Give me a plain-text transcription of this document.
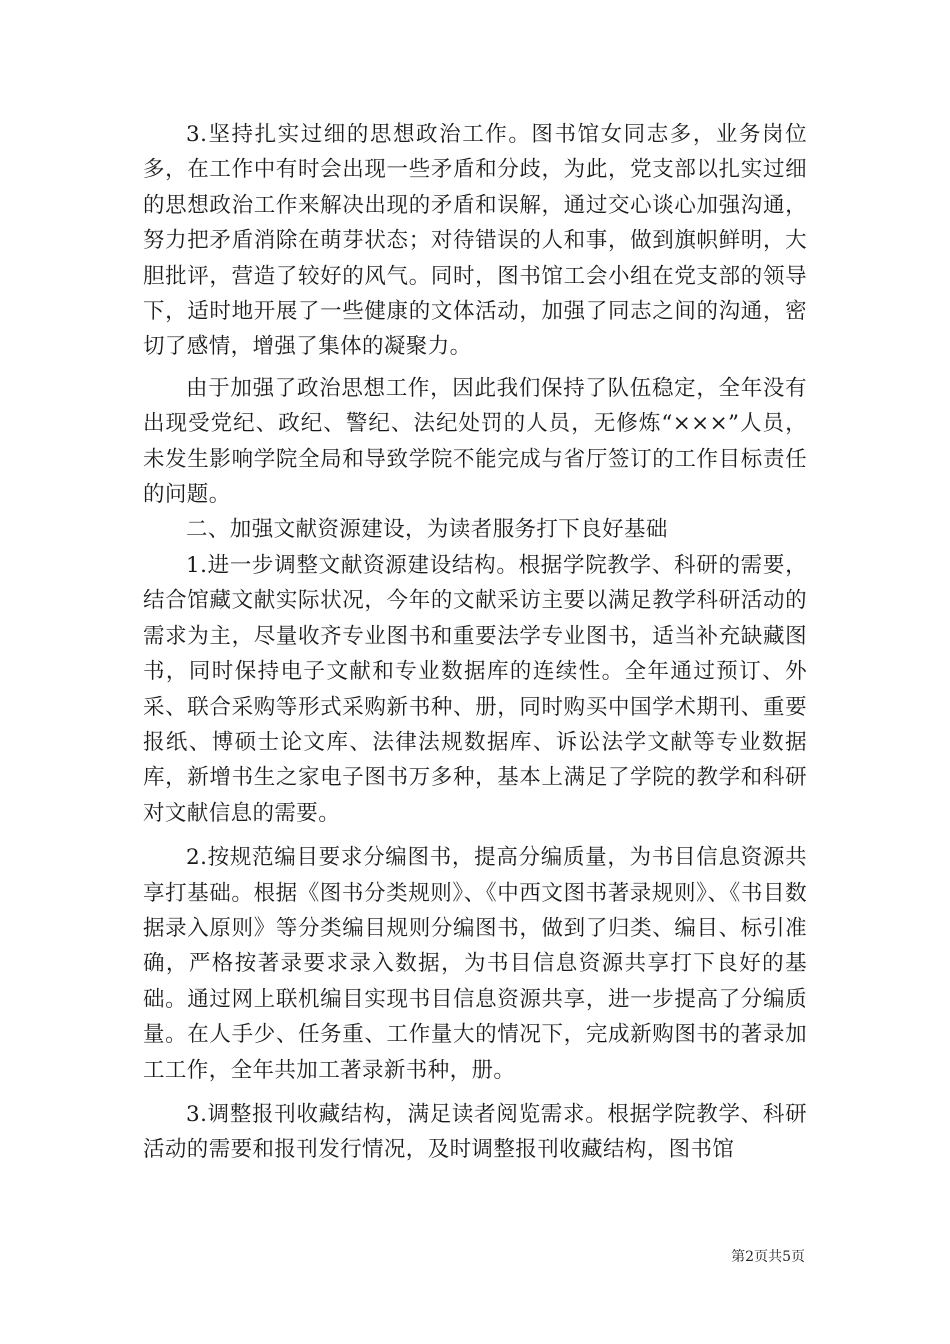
3.坚持扎实过细的思想政治工作。图书馆女同志多，业务岗位多，在工作中有时会出现一些矛盾和分歧，为此，党支部以扎实过细的思想政治工作来解决出现的矛盾和误解，通过交心谈心加强沟通，努力把矛盾消除在萌芽状态；对待错误的人和事，做到旗帜鲜明，大胆批评，营造了较好的风气。同时，图书馆工会小组在党支部的领导下，适时地开展了一些健康的文体活动，加强了同志之间的沟通，密切了感情，增强了集体的凝聚力。

由于加强了政治思想工作，因此我们保持了队伍稳定，全年没有出现受党纪、政纪、警纪、法纪处罚的人员，无修炼“×××”人员，未发生影响学院全局和导致学院不能完成与省厅签订的工作目标责任的问题。

二、加强文献资源建设，为读者服务打下良好基础

1.进一步调整文献资源建设结构。根据学院教学、科研的需要，结合馆藏文献实际状况，今年的文献采访主要以满足教学科研活动的需求为主，尽量收齐专业图书和重要法学专业图书，适当补充缺藏图书，同时保持电子文献和专业数据库的连续性。全年通过预订、外采、联合采购等形式采购新书种、册，同时购买中国学术期刊、重要报纸、博硕士论文库、法律法规数据库、诉讼法学文献等专业数据库，新增书生之家电子图书万多种，基本上满足了学院的教学和科研对文献信息的需要。

2.按规范编目要求分编图书，提高分编质量，为书目信息资源共享打基础。根据《图书分类规则》、《中西文图书著录规则》、《书目数据录入原则》等分类编目规则分编图书，做到了归类、编目、标引准确，严格按著录要求录入数据，为书目信息资源共享打下良好的基础。通过网上联机编目实现书目信息资源共享，进一步提高了分编质量。在人手少、任务重、工作量大的情况下，完成新购图书的著录加工工作，全年共加工著录新书种，册。

3.调整报刊收藏结构，满足读者阅览需求。根据学院教学、科研活动的需要和报刊发行情况，及时调整报刊收藏结构，图书馆

第2页共5页
